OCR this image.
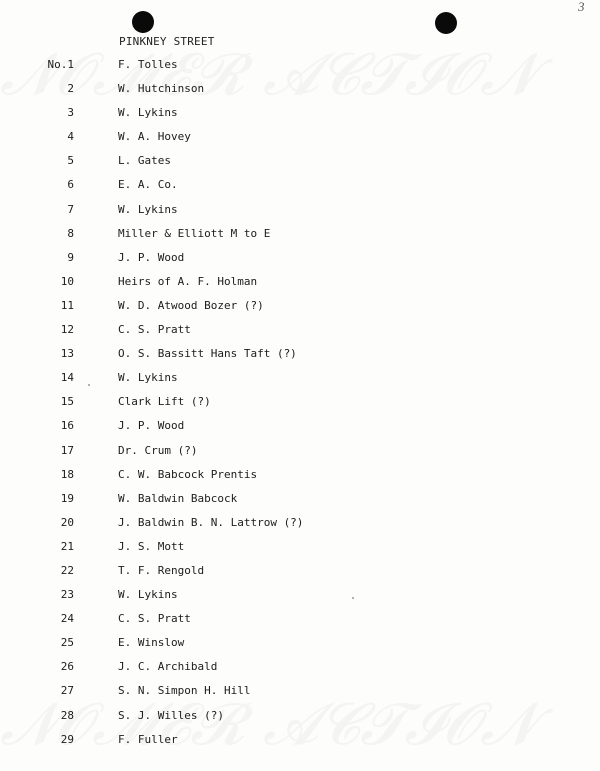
3
PINKNEY STREET
No.1	F. Tolles
2	W. Hutchinson
3	W. Lykins
4	W. A. Hovey
5	L. Gates
6	E. A. Co.
7	W. Lykins
8	Miller & Elliott M to E
9	J. P. Wood
10	Heirs of A. F. Holman
11	W. D. Atwood Bozer (?)
12	C. S. Pratt
13	O. S. Bassitt Hans Taft (?)
14	W. Lykins
15	Clark Lift (?)
16	J. P. Wood
17	Dr. Crum (?)
18	C. W. Babcock Prentis
19	W. Baldwin Babcock
20	J. Baldwin B. N. Lattrow (?)
21	J. S. Mott
22	T. F. Rengold
23	W. Lykins
24	C. S. Pratt
25	E. Winslow
26	J. C. Archibald
27	S. N. Simpon H. Hill
28	S. J. Willes (?)
29	F. Fuller
